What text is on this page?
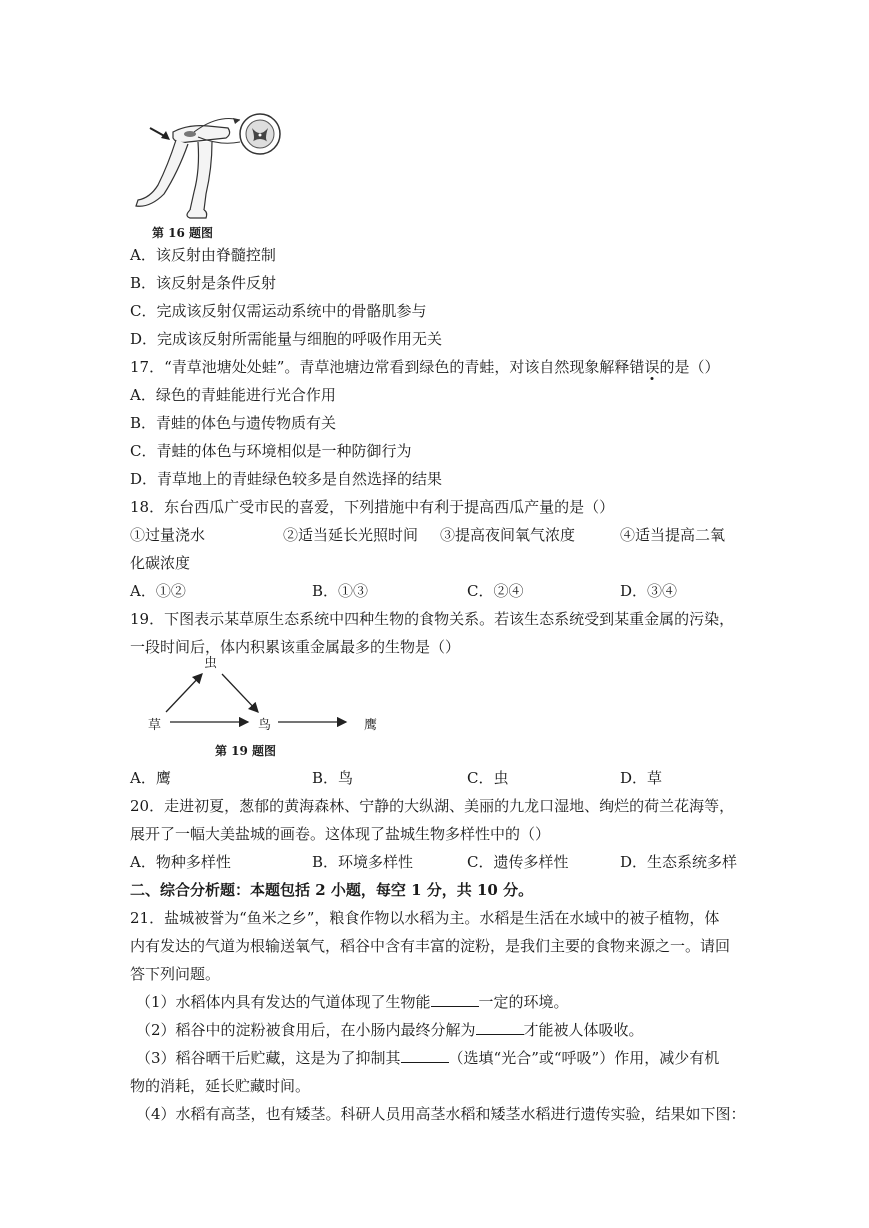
第 16 题图
A．该反射由脊髓控制
B．该反射是条件反射
C．完成该反射仅需运动系统中的骨骼肌参与
D．完成该反射所需能量与细胞的呼吸作用无关
17．“青草池塘处处蛙”。青草池塘边常看到绿色的青蛙，对该自然现象解释错误的是（）
A．绿色的青蛙能进行光合作用
B．青蛙的体色与遗传物质有关
C．青蛙的体色与环境相似是一种防御行为
D．青草地上的青蛙绿色较多是自然选择的结果
18．东台西瓜广受市民的喜爱，下列措施中有利于提高西瓜产量的是（）
①过量浇水	②适当延长光照时间 ③提高夜间氧气浓度	④适当提高二氧
化碳浓度
A．①②	B．①③	C．②④	D．③④
19．下图表示某草原生态系统中四种生物的食物关系。若该生态系统受到某重金属的污染，
一段时间后，体内积累该重金属最多的生物是（）
虫
草	鸟	鹰
第 19 题图
A．鹰	B．鸟	C．虫	D．草
20．走进初夏，葱郁的黄海森林、宁静的大纵湖、美丽的九龙口湿地、绚烂的荷兰花海等，
展开了一幅大美盐城的画卷。这体现了盐城生物多样性中的（）
A．物种多样性	B．环境多样性	C．遗传多样性	D．生态系统多样
二、综合分析题：本题包括 2 小题，每空 1 分，共 10 分。
21．盐城被誉为“鱼米之乡”，粮食作物以水稻为主。水稻是生活在水域中的被子植物，体
内有发达的气道为根输送氧气，稻谷中含有丰富的淀粉，是我们主要的食物来源之一。请回
答下列问题。
（1）水稻体内具有发达的气道体现了生物能	一定的环境。
（2）稻谷中的淀粉被食用后，在小肠内最终分解为	才能被人体吸收。
（3）稻谷晒干后贮藏，这是为了抑制其	（选填“光合”或“呼吸”）作用，减少有机
物的消耗，延长贮藏时间。
（4）水稻有高茎，也有矮茎。科研人员用高茎水稻和矮茎水稻进行遗传实验，结果如下图：
